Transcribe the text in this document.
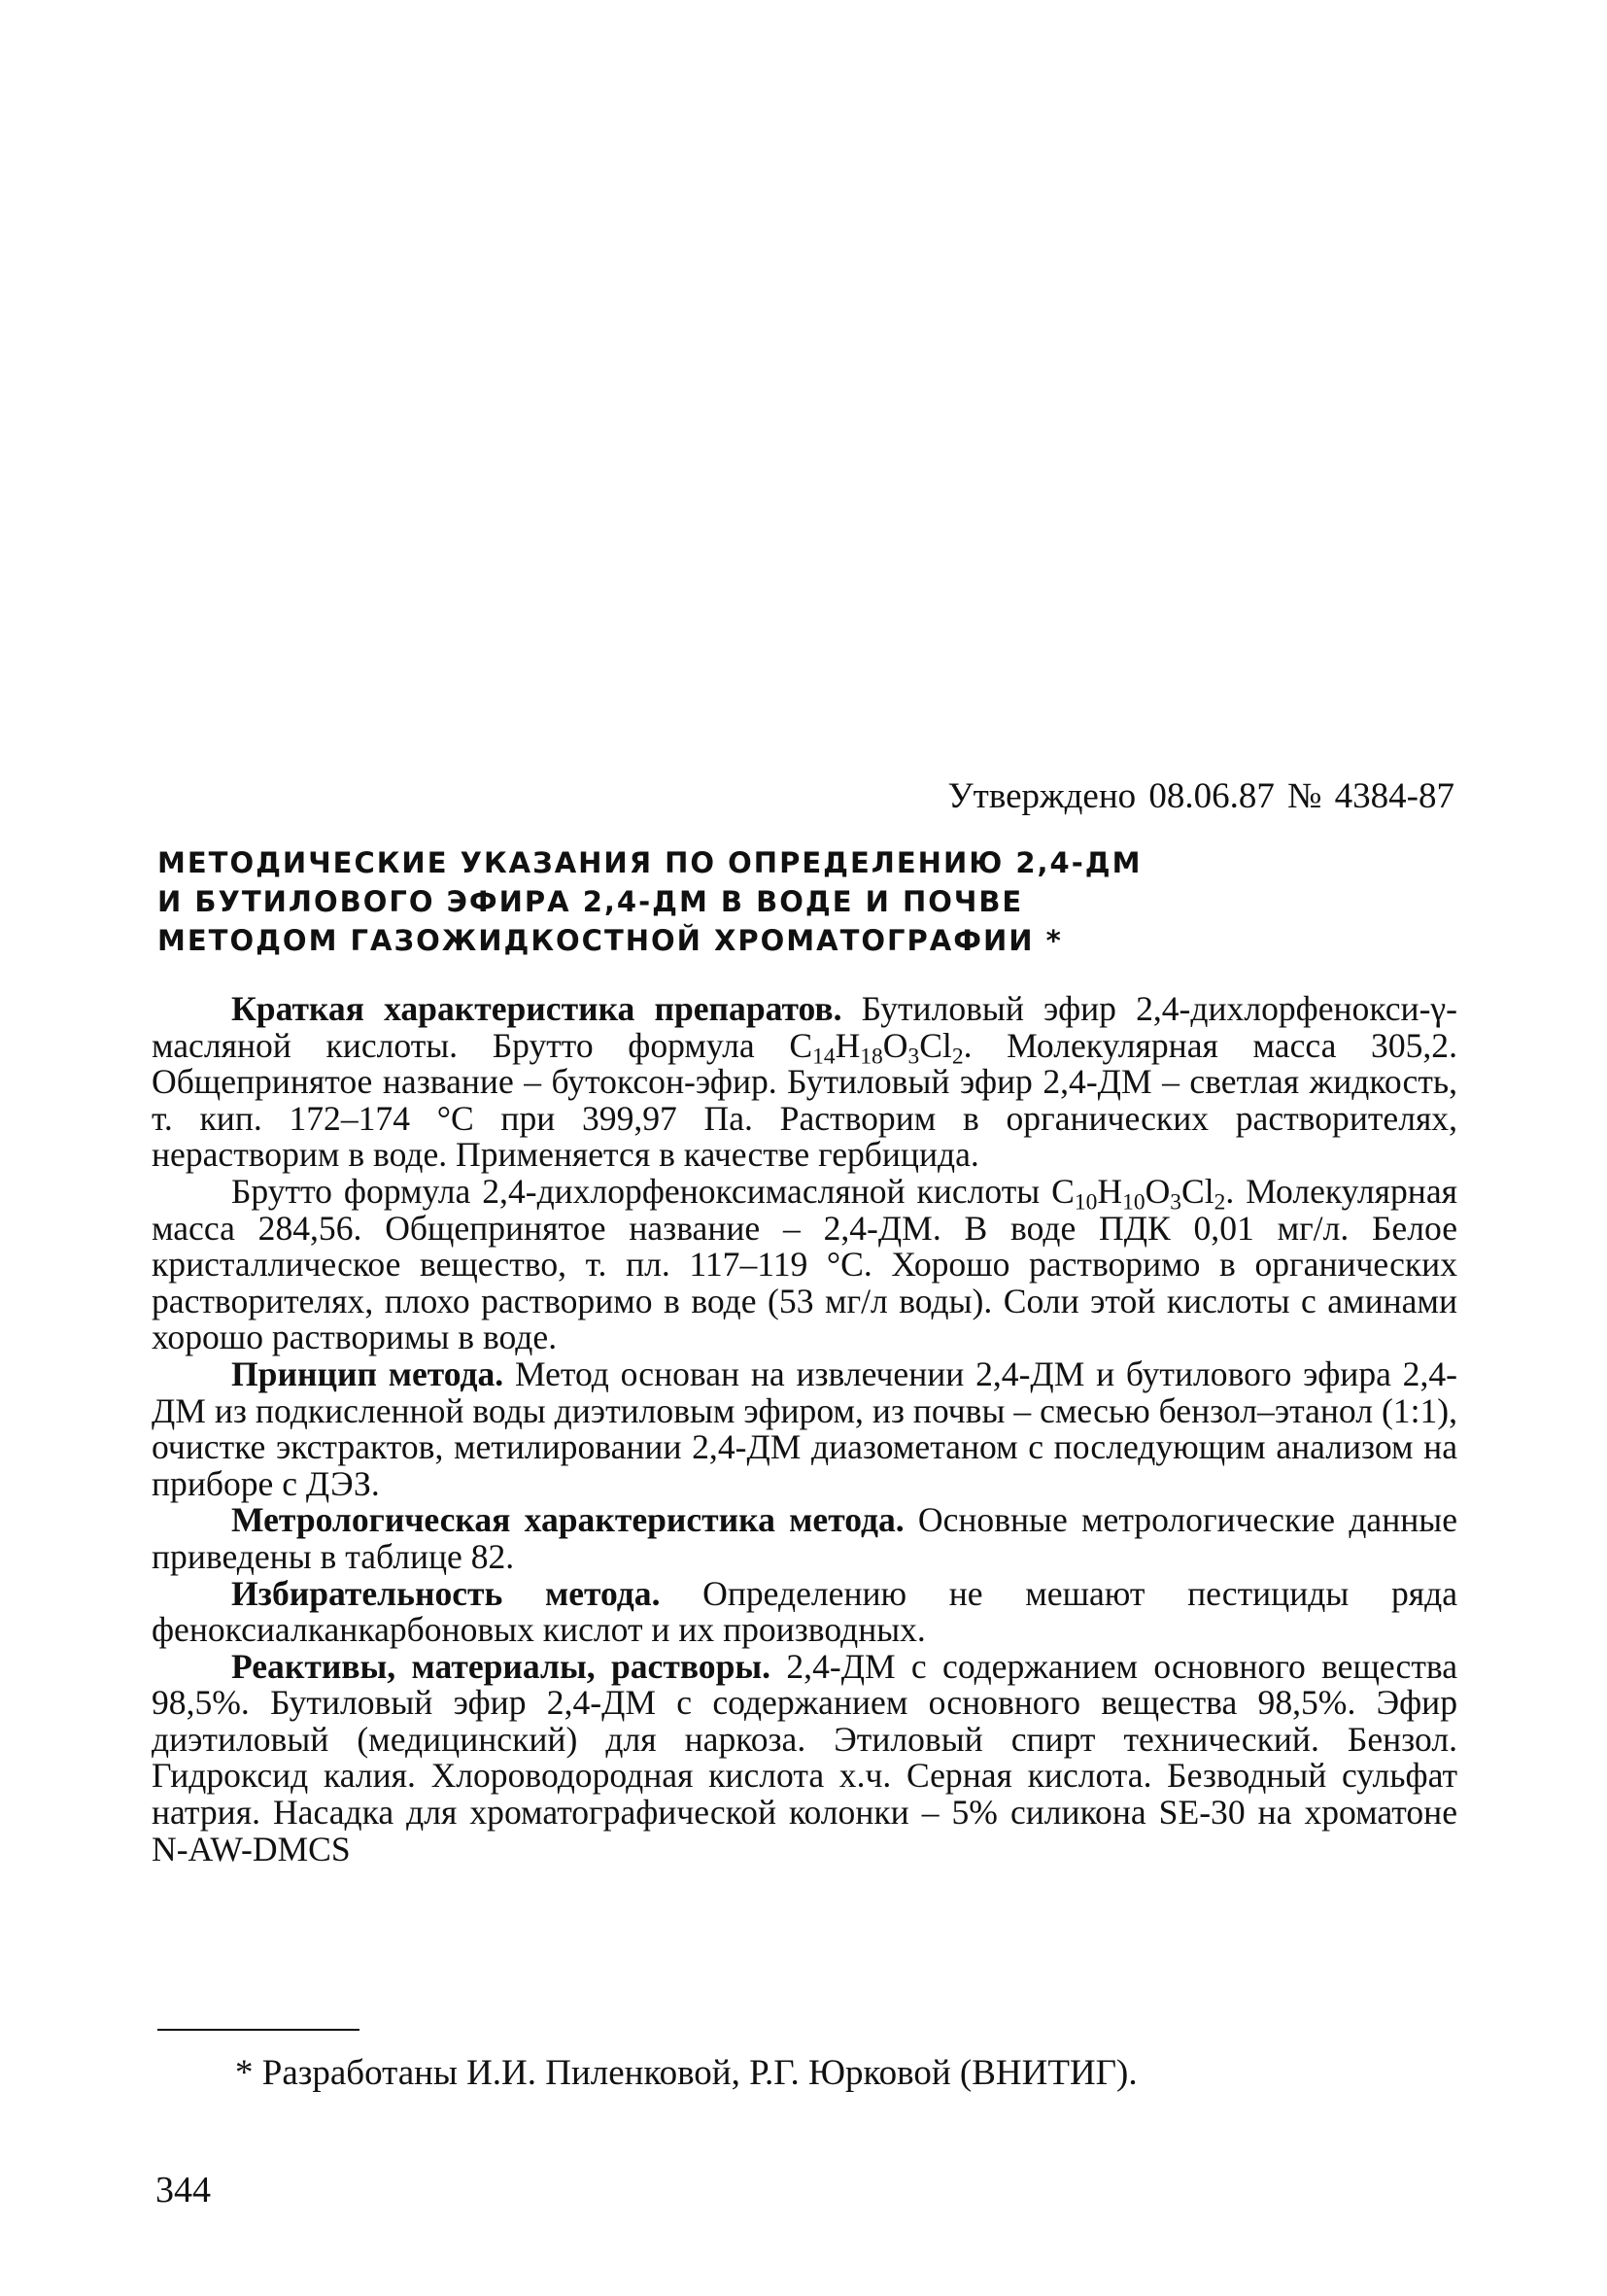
Утверждено 08.06.87 № 4384-87
МЕТОДИЧЕСКИЕ УКАЗАНИЯ ПО ОПРЕДЕЛЕНИЮ 2,4-ДМ
И БУТИЛОВОГО ЭФИРА 2,4-ДМ В ВОДЕ И ПОЧВЕ
МЕТОДОМ ГАЗОЖИДКОСТНОЙ ХРОМАТОГРАФИИ *

Краткая характеристика препаратов. Бутиловый эфир 2,4-дихлорфенокси-γ-масляной кислоты. Брутто формула $C_{14}H_{18}O_3Cl_2$. Молекулярная масса 305,2. Общепринятое название – бутоксон-эфир. Бутиловый эфир 2,4-ДМ – светлая жидкость, т. кип. 172–174 °С при 399,97 Па. Растворим в органических растворителях, нерастворим в воде. Применяется в качестве гербицида.

Брутто формула 2,4-дихлорфеноксимасляной кислоты $C_{10}H_{10}O_3Cl_2$. Молекулярная масса 284,56. Общепринятое название – 2,4-ДМ. В воде ПДК 0,01 мг/л. Белое кристаллическое вещество, т. пл. 117–119 °С. Хорошо растворимо в органических растворителях, плохо растворимо в воде (53 мг/л воды). Соли этой кислоты с аминами хорошо растворимы в воде.

Принцип метода. Метод основан на извлечении 2,4-ДМ и бутилового эфира 2,4-ДМ из подкисленной воды диэтиловым эфиром, из почвы – смесью бензол–этанол (1:1), очистке экстрактов, метилировании 2,4-ДМ диазометаном с последующим анализом на приборе с ДЭЗ.

Метрологическая характеристика метода. Основные метрологические данные приведены в таблице 82.

Избирательность метода. Определению не мешают пестициды ряда феноксиалканкарбоновых кислот и их производных.

Реактивы, материалы, растворы. 2,4-ДМ с содержанием основного вещества 98,5%. Бутиловый эфир 2,4-ДМ с содержанием основного вещества 98,5%. Эфир диэтиловый (медицинский) для наркоза. Этиловый спирт технический. Бензол. Гидроксид калия. Хлороводородная кислота х.ч. Серная кислота. Безводный сульфат натрия. Насадка для хроматографической колонки – 5% силикона SE-30 на хроматоне N-AW-DMCS

* Разработаны И.И. Пиленковой, Р.Г. Юрковой (ВНИТИГ).
344
